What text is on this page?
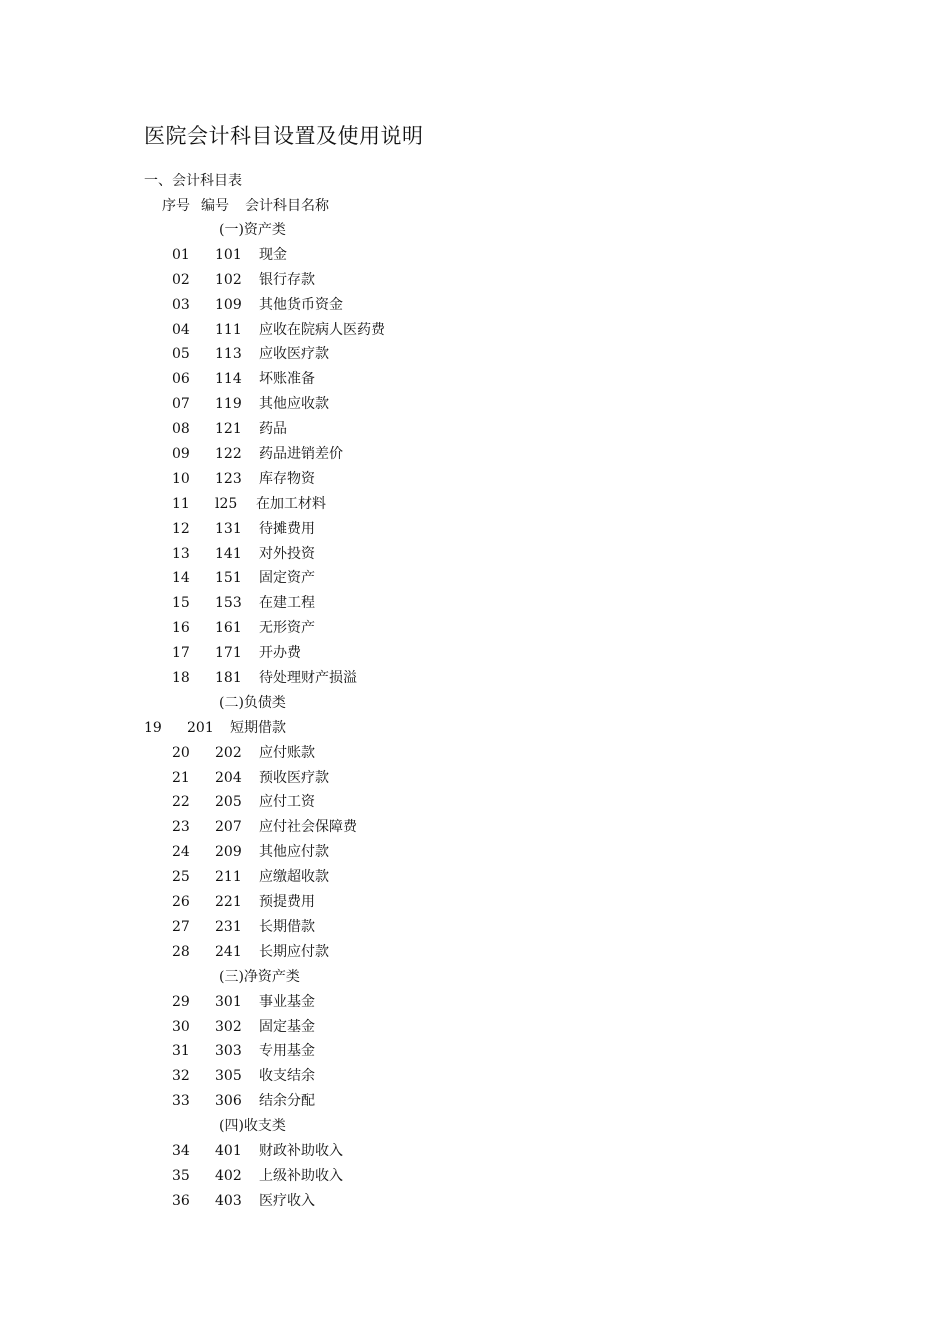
医院会计科目设置及使用说明
一、会计科目表
序号 编号 会计科目名称
(一)资产类
01 101 现金
02 102 银行存款
03 109 其他货币资金
04 111 应收在院病人医药费
05 113 应收医疗款
06 114 坏账准备
07 119 其他应收款
08 121 药品
09 122 药品进销差价
10 123 库存物资
11 l25 在加工材料
12 131 待摊费用
13 141 对外投资
14 151 固定资产
15 153 在建工程
16 161 无形资产
17 171 开办费
18 181 待处理财产损溢
(二)负债类
19 201 短期借款
20 202 应付账款
21 204 预收医疗款
22 205 应付工资
23 207 应付社会保障费
24 209 其他应付款
25 211 应缴超收款
26 221 预提费用
27 231 长期借款
28 241 长期应付款
(三)净资产类
29 301 事业基金
30 302 固定基金
31 303 专用基金
32 305 收支结余
33 306 结余分配
(四)收支类
34 401 财政补助收入
35 402 上级补助收入
36 403 医疗收入
